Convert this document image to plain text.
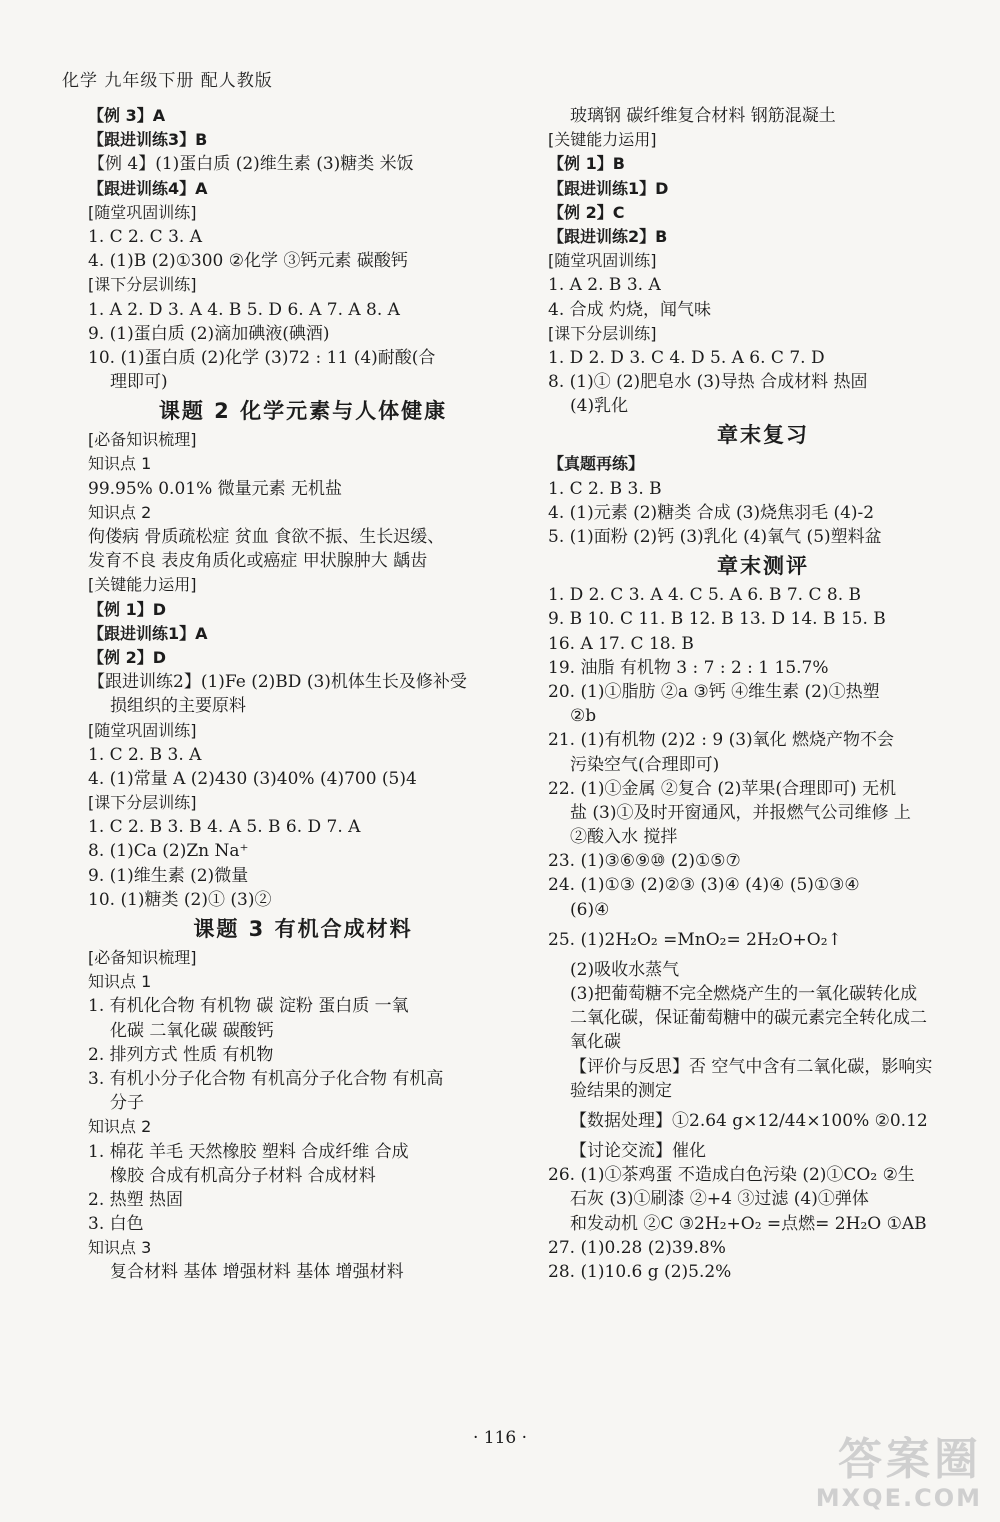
化学 九年级下册 配人教版
【例 3】A
【跟进训练3】B
【例 4】(1)蛋白质 (2)维生素 (3)糖类 米饭
【跟进训练4】A
[随堂巩固训练]
1. C 2. C 3. A
4. (1)B (2)①300 ②化学 ③钙元素 碳酸钙
[课下分层训练]
1. A 2. D 3. A 4. B 5. D 6. A 7. A 8. A
9. (1)蛋白质 (2)滴加碘液(碘酒)
10. (1)蛋白质 (2)化学 (3)72 : 11 (4)耐酸(合
理即可)
课题 2 化学元素与人体健康
[必备知识梳理]
知识点 1
99.95% 0.01% 微量元素 无机盐
知识点 2
佝偻病 骨质疏松症 贫血 食欲不振、生长迟缓、
发育不良 表皮角质化或癌症 甲状腺肿大 龋齿
[关键能力运用]
【例 1】D
【跟进训练1】A
【例 2】D
【跟进训练2】(1)Fe (2)BD (3)机体生长及修补受
损组织的主要原料
[随堂巩固训练]
1. C 2. B 3. A
4. (1)常量 A (2)430 (3)40% (4)700 (5)4
[课下分层训练]
1. C 2. B 3. B 4. A 5. B 6. D 7. A
8. (1)Ca (2)Zn Na⁺
9. (1)维生素 (2)微量
10. (1)糖类 (2)① (3)②
课题 3 有机合成材料
[必备知识梳理]
知识点 1
1. 有机化合物 有机物 碳 淀粉 蛋白质 一氧
化碳 二氧化碳 碳酸钙
2. 排列方式 性质 有机物
3. 有机小分子化合物 有机高分子化合物 有机高
分子
知识点 2
1. 棉花 羊毛 天然橡胶 塑料 合成纤维 合成
橡胶 合成有机高分子材料 合成材料
2. 热塑 热固
3. 白色
知识点 3
复合材料 基体 增强材料 基体 增强材料
玻璃钢 碳纤维复合材料 钢筋混凝土
[关键能力运用]
【例 1】B
【跟进训练1】D
【例 2】C
【跟进训练2】B
[随堂巩固训练]
1. A 2. B 3. A
4. 合成 灼烧，闻气味
[课下分层训练]
1. D 2. D 3. C 4. D 5. A 6. C 7. D
8. (1)① (2)肥皂水 (3)导热 合成材料 热固
(4)乳化
章末复习
【真题再练】
1. C 2. B 3. B
4. (1)元素 (2)糖类 合成 (3)烧焦羽毛 (4)-2
5. (1)面粉 (2)钙 (3)乳化 (4)氧气 (5)塑料盆
章末测评
1. D 2. C 3. A 4. C 5. A 6. B 7. C 8. B
9. B 10. C 11. B 12. B 13. D 14. B 15. B
16. A 17. C 18. B
19. 油脂 有机物 3 : 7 : 2 : 1 15.7%
20. (1)①脂肪 ②a ③钙 ④维生素 (2)①热塑
②b
21. (1)有机物 (2)2 : 9 (3)氧化 燃烧产物不会
污染空气(合理即可)
22. (1)①金属 ②复合 (2)苹果(合理即可) 无机
盐 (3)①及时开窗通风，并报燃气公司维修 上
②酸入水 搅拌
23. (1)③⑥⑨⑩ (2)①⑤⑦
24. (1)①③ (2)②③ (3)④ (4)④ (5)①③④
(6)④
25. (1)2H₂O₂ =MnO₂= 2H₂O+O₂↑
(2)吸收水蒸气
(3)把葡萄糖不完全燃烧产生的一氧化碳转化成
二氧化碳，保证葡萄糖中的碳元素完全转化成二
氧化碳
【评价与反思】否 空气中含有二氧化碳，影响实
验结果的测定
【数据处理】①2.64 g×12/44×100% ②0.12
【讨论交流】催化
26. (1)①茶鸡蛋 不造成白色污染 (2)①CO₂ ②生
石灰 (3)①刷漆 ②+4 ③过滤 (4)①弹体
和发动机 ②C ③2H₂+O₂ =点燃= 2H₂O ①AB
27. (1)0.28 (2)39.8%
28. (1)10.6 g (2)5.2%
· 116 ·	答案圈
MXQE.COM
